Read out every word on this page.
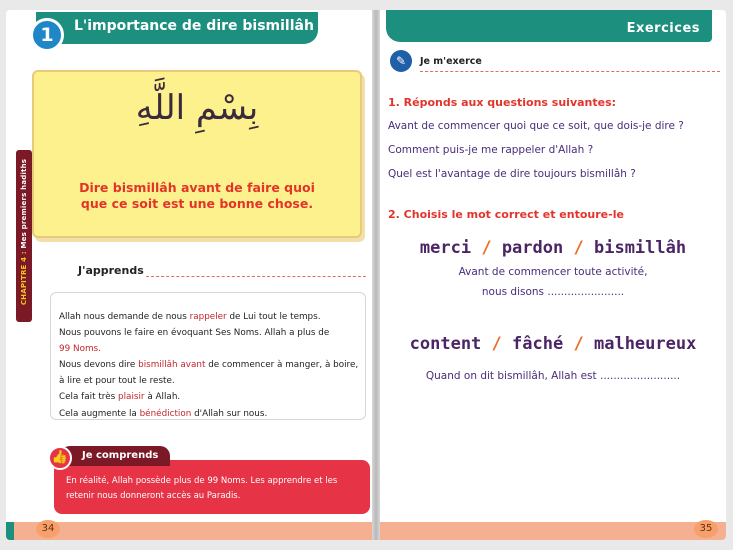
1	L'importance de dire bismillâh
CHAPITRE 4 : Mes premiers hadiths
بِسْمِ اللَّهِ
Dire bismillâh avant de faire quoi
que ce soit est une bonne chose.
J'apprends
Allah nous demande de nous rappeler de Lui tout le temps.
Nous pouvons le faire en évoquant Ses Noms. Allah a plus de
99 Noms.
Nous devons dire bismillâh avant de commencer à manger, à boire,
à lire et pour tout le reste.
Cela fait très plaisir à Allah.
Cela augmente la bénédiction d'Allah sur nous.
👍	Je comprends
En réalité, Allah possède plus de 99 Noms. Les apprendre et les
retenir nous donneront accès au Paradis.
34
Exercices
✎	Je m'exerce
1. Réponds aux questions suivantes:
Avant de commencer quoi que ce soit, que dois-je dire ?
Comment puis-je me rappeler d'Allah ?
Quel est l'avantage de dire toujours bismillâh ?
2. Choisis le mot correct et entoure-le
merci / pardon / bismillâh
Avant de commencer toute activité,
nous disons .......................
content / fâché / malheureux
Quand on dit bismillâh, Allah est ........................
35
